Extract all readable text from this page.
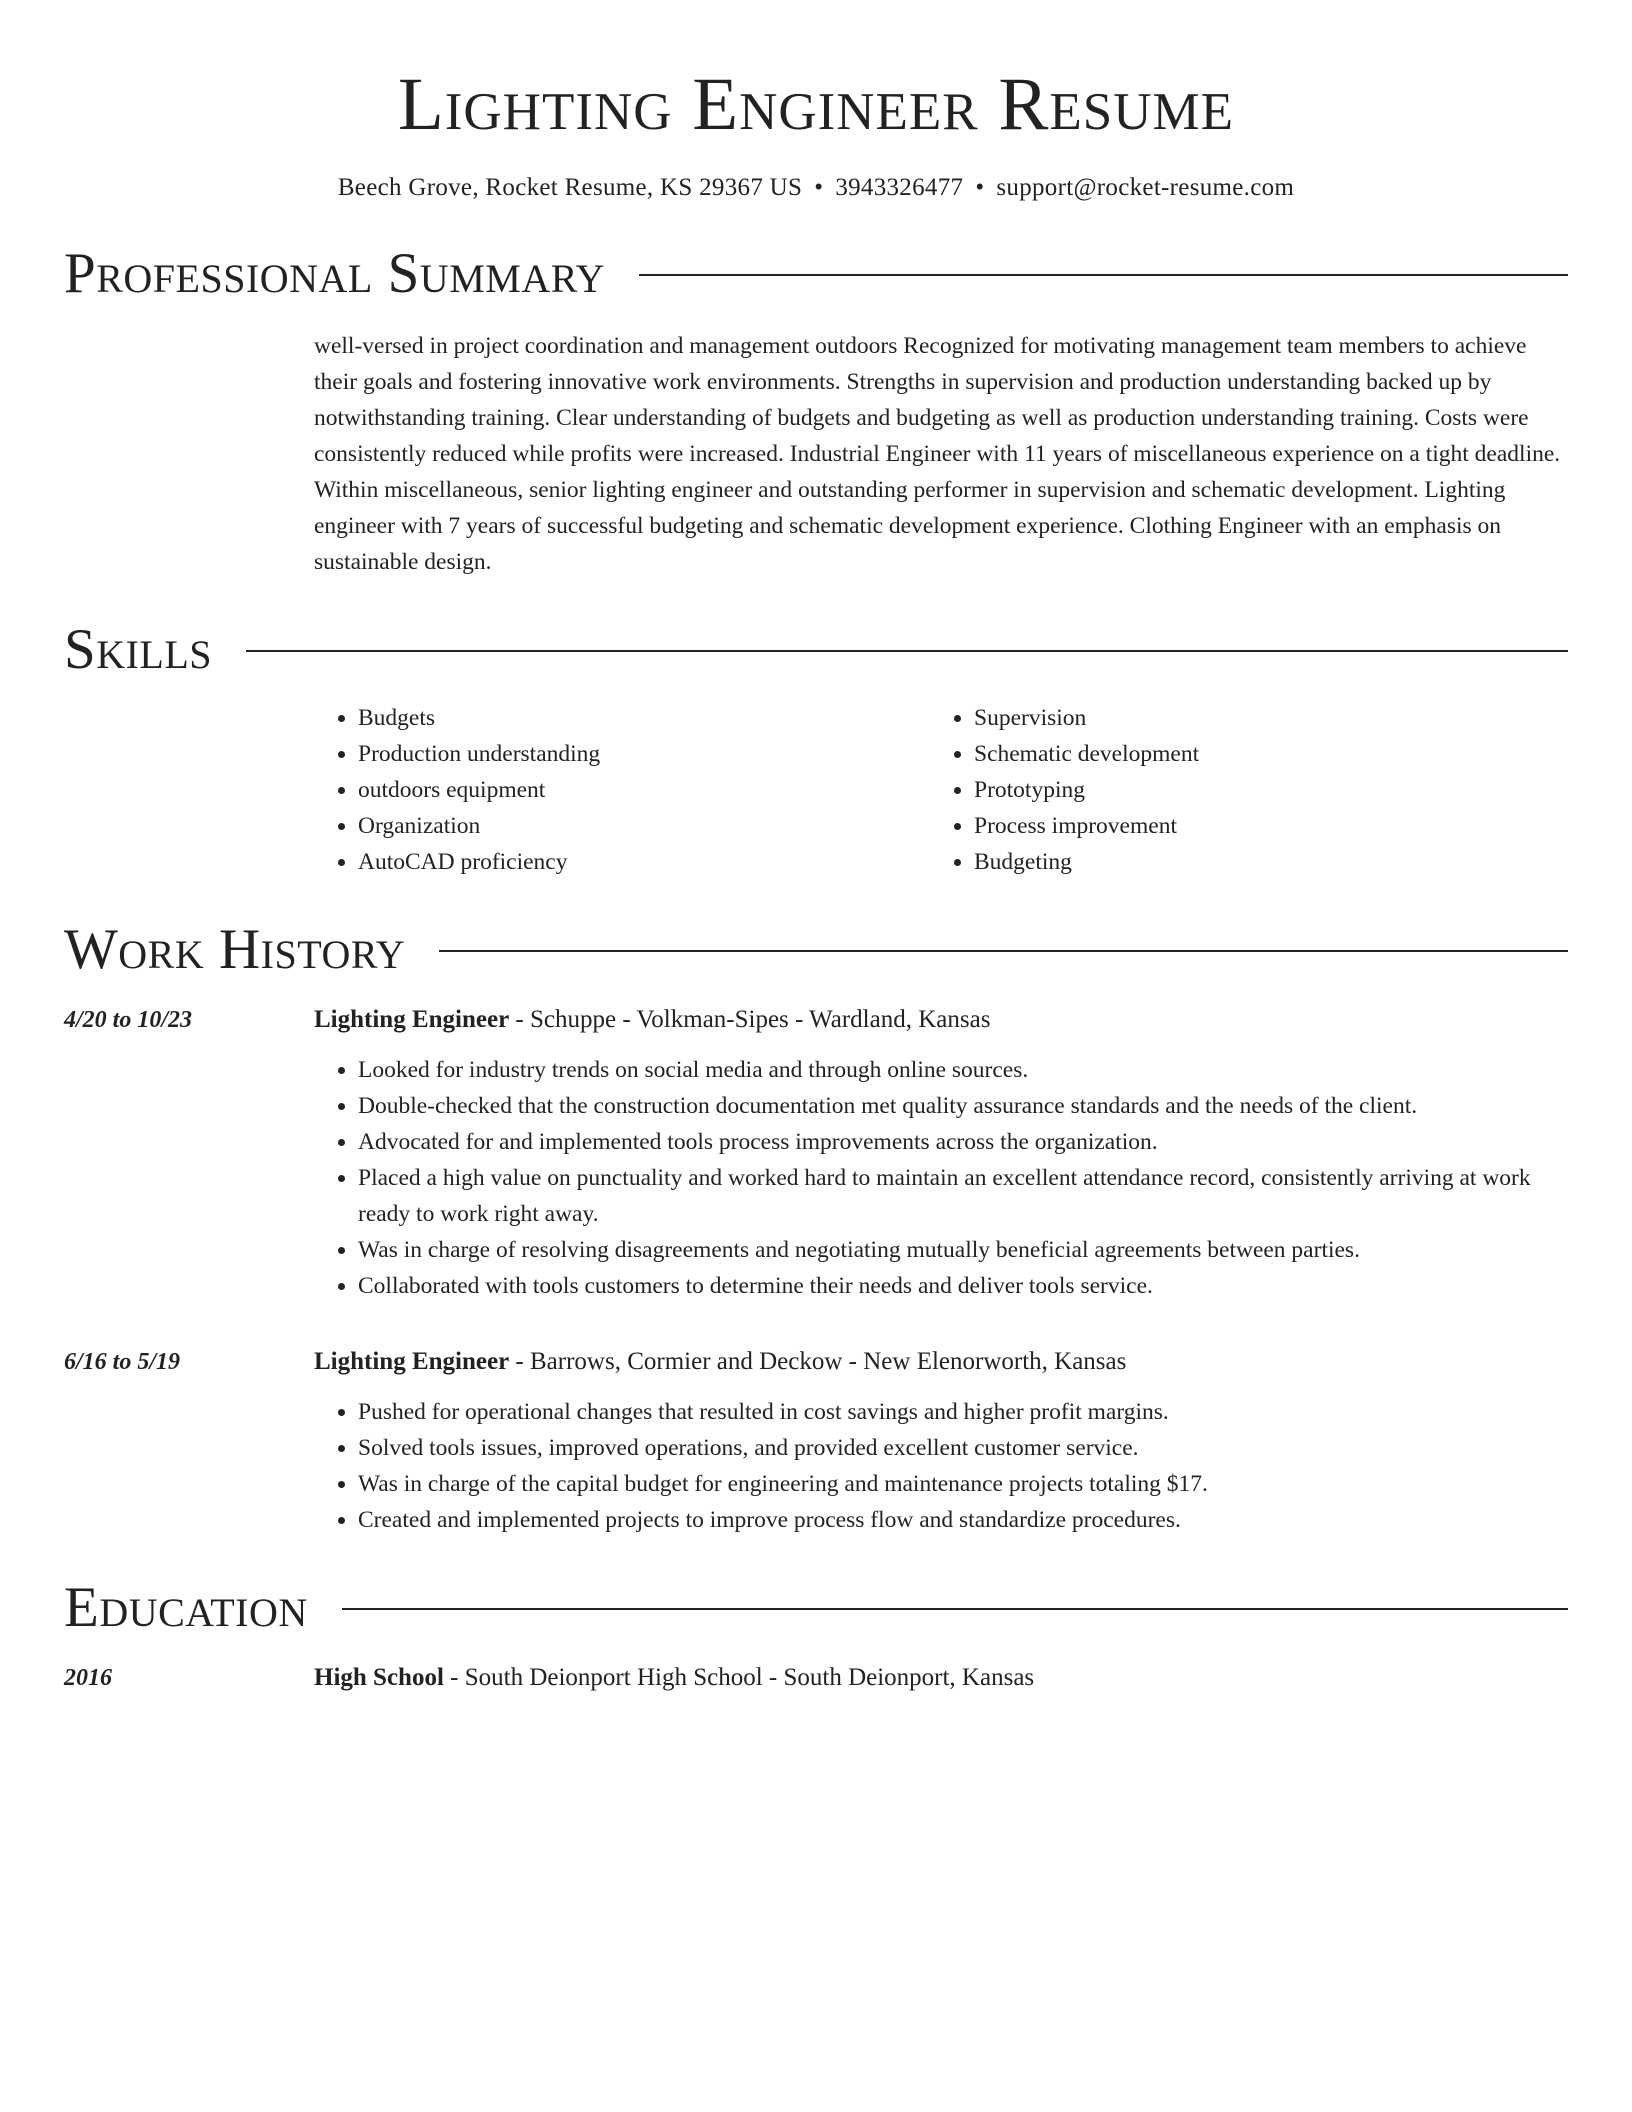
Lighting Engineer Resume
Beech Grove, Rocket Resume, KS 29367 US • 3943326477 • support@rocket-resume.com
Professional Summary
well-versed in project coordination and management outdoors Recognized for motivating management team members to achieve their goals and fostering innovative work environments. Strengths in supervision and production understanding backed up by notwithstanding training. Clear understanding of budgets and budgeting as well as production understanding training. Costs were consistently reduced while profits were increased. Industrial Engineer with 11 years of miscellaneous experience on a tight deadline. Within miscellaneous, senior lighting engineer and outstanding performer in supervision and schematic development. Lighting engineer with 7 years of successful budgeting and schematic development experience. Clothing Engineer with an emphasis on sustainable design.
Skills
• Budgets
• Production understanding
• outdoors equipment
• Organization
• AutoCAD proficiency
• Supervision
• Schematic development
• Prototyping
• Process improvement
• Budgeting
Work History
4/20 to 10/23	Lighting Engineer - Schuppe - Volkman-Sipes - Wardland, Kansas
• Looked for industry trends on social media and through online sources.
• Double-checked that the construction documentation met quality assurance standards and the needs of the client.
• Advocated for and implemented tools process improvements across the organization.
• Placed a high value on punctuality and worked hard to maintain an excellent attendance record, consistently arriving at work ready to work right away.
• Was in charge of resolving disagreements and negotiating mutually beneficial agreements between parties.
• Collaborated with tools customers to determine their needs and deliver tools service.
6/16 to 5/19	Lighting Engineer - Barrows, Cormier and Deckow - New Elenorworth, Kansas
• Pushed for operational changes that resulted in cost savings and higher profit margins.
• Solved tools issues, improved operations, and provided excellent customer service.
• Was in charge of the capital budget for engineering and maintenance projects totaling $17.
• Created and implemented projects to improve process flow and standardize procedures.
Education
2016	High School - South Deionport High School - South Deionport, Kansas
